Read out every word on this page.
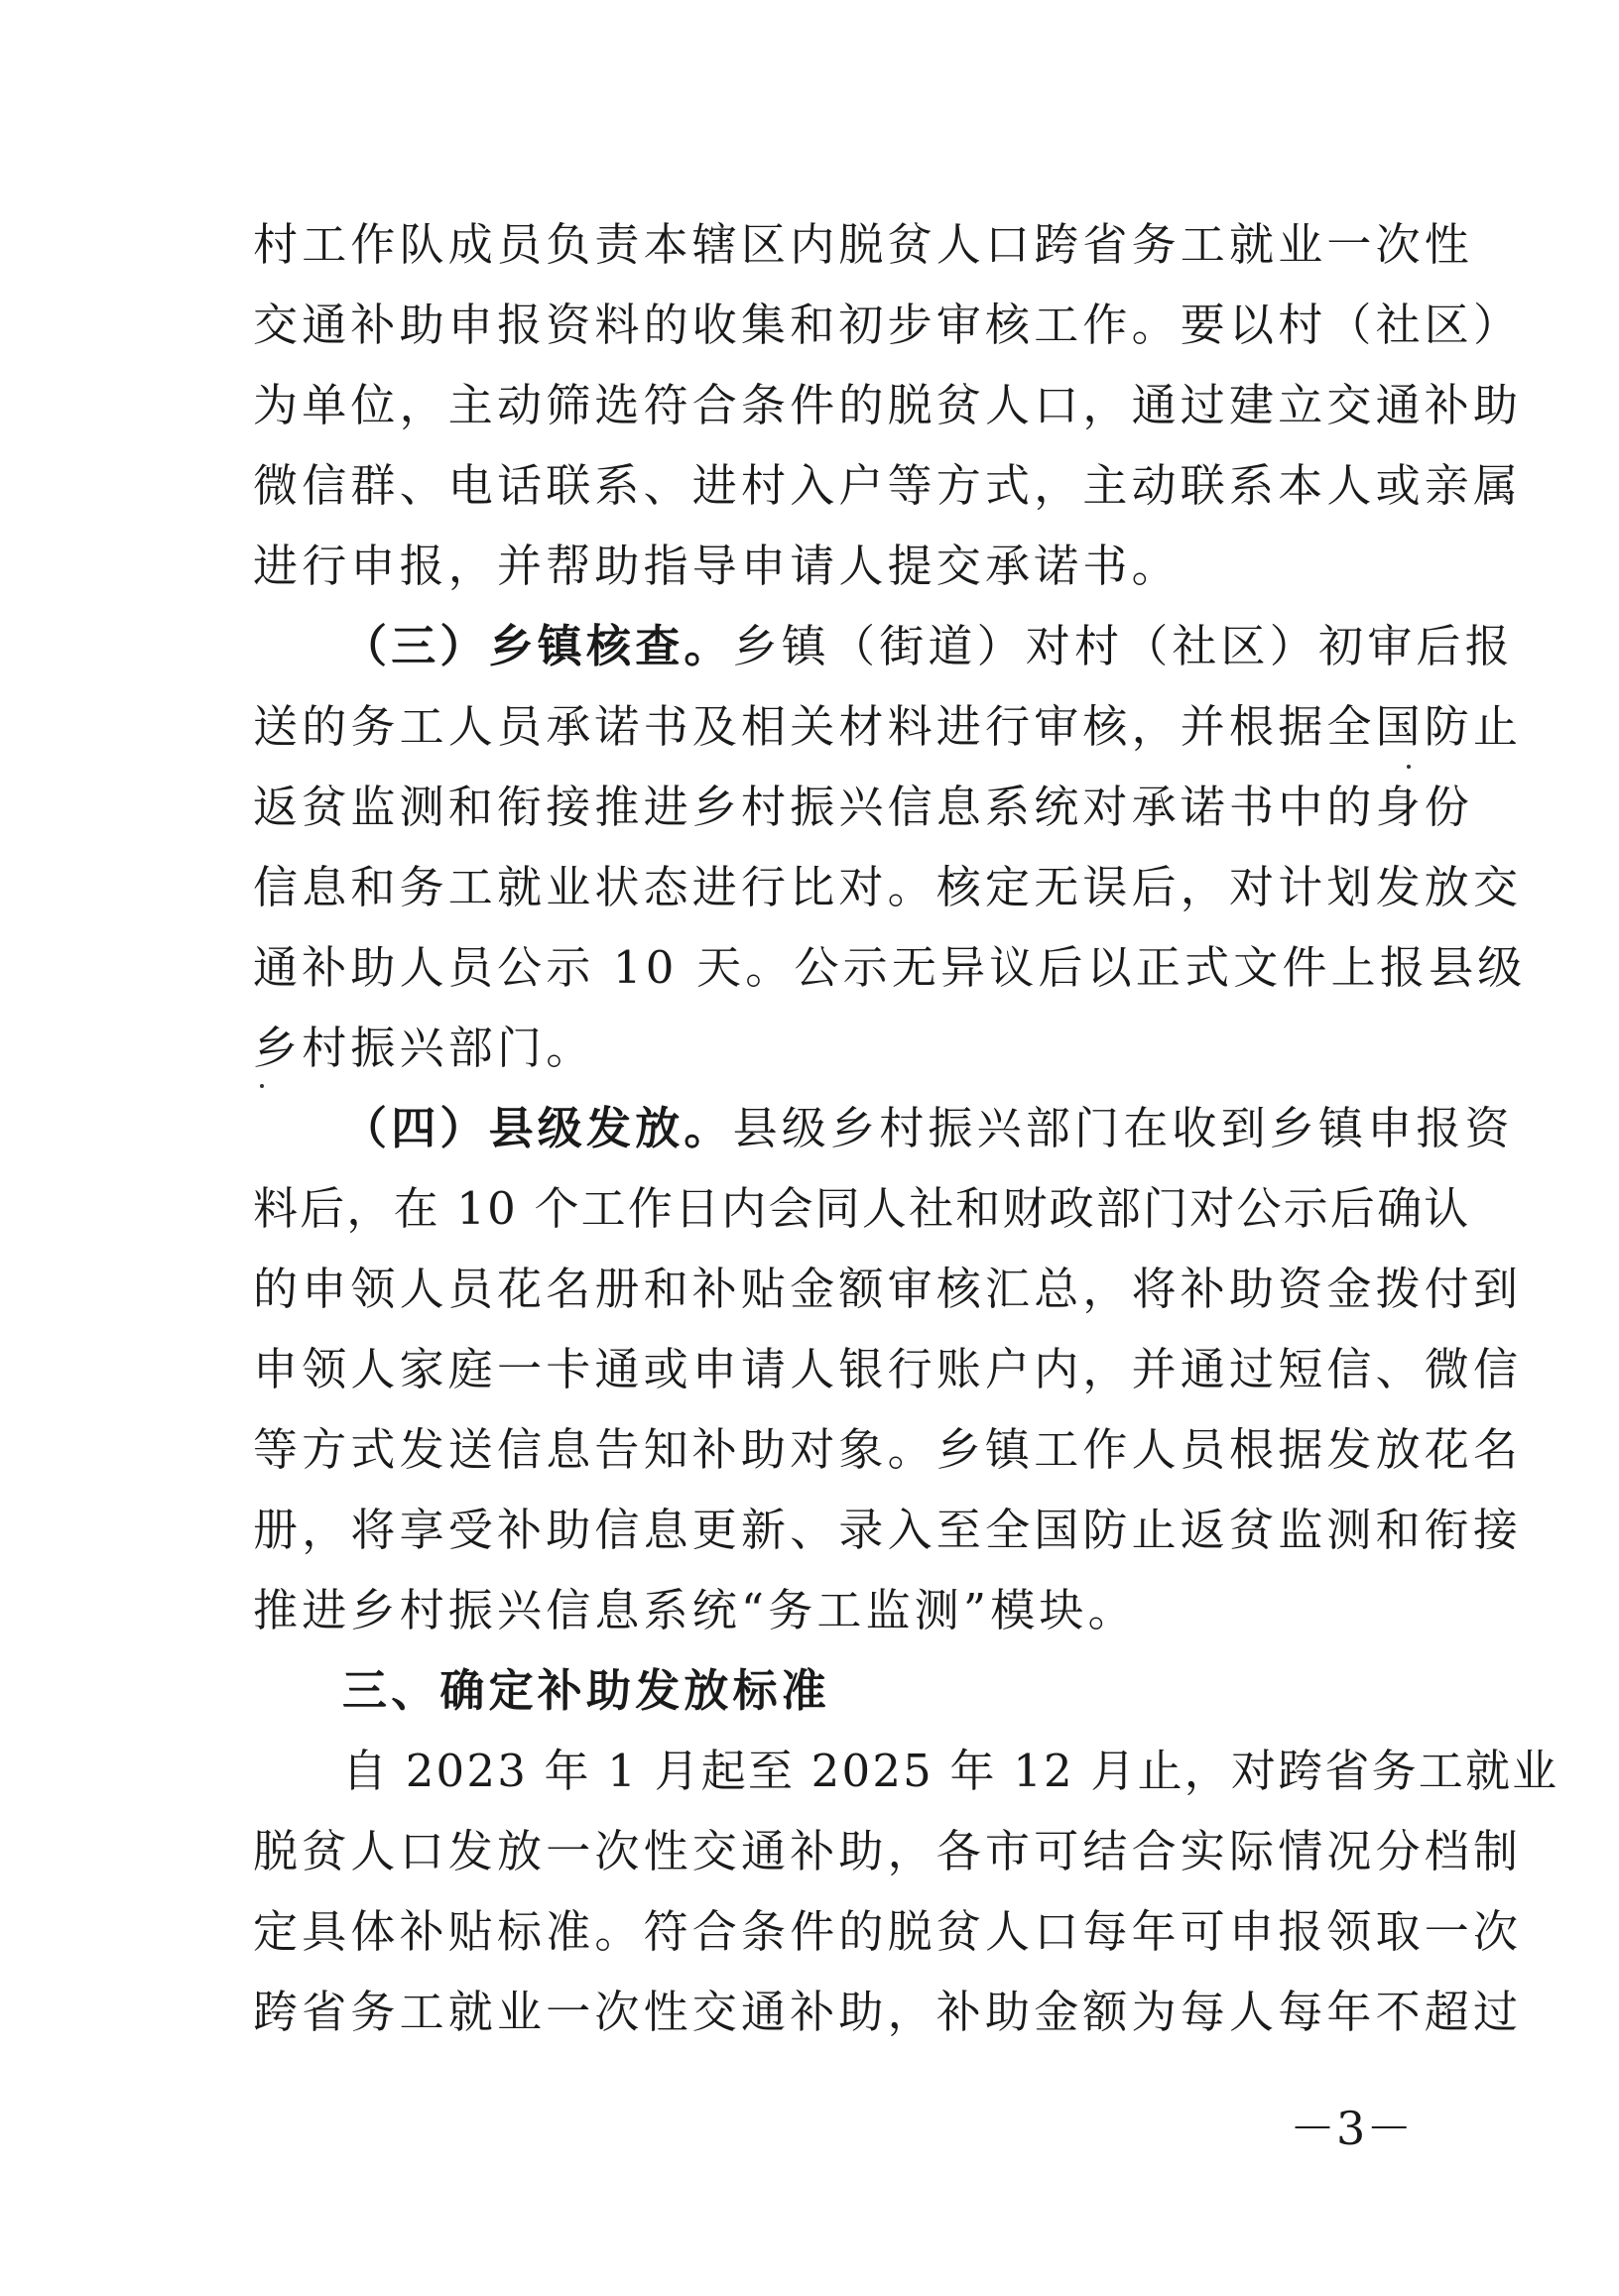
村工作队成员负责本辖区内脱贫人口跨省务工就业一次性
交通补助申报资料的收集和初步审核工作。要以村（社区）
为单位，主动筛选符合条件的脱贫人口，通过建立交通补助
微信群、电话联系、进村入户等方式，主动联系本人或亲属
进行申报，并帮助指导申请人提交承诺书。
（三）乡镇核查。乡镇（街道）对村（社区）初审后报
送的务工人员承诺书及相关材料进行审核，并根据全国防止
返贫监测和衔接推进乡村振兴信息系统对承诺书中的身份
信息和务工就业状态进行比对。核定无误后，对计划发放交
通补助人员公示 10 天。公示无异议后以正式文件上报县级
乡村振兴部门。
（四）县级发放。县级乡村振兴部门在收到乡镇申报资
料后，在 10 个工作日内会同人社和财政部门对公示后确认
的申领人员花名册和补贴金额审核汇总，将补助资金拨付到
申领人家庭一卡通或申请人银行账户内，并通过短信、微信
等方式发送信息告知补助对象。乡镇工作人员根据发放花名
册，将享受补助信息更新、录入至全国防止返贫监测和衔接
推进乡村振兴信息系统“务工监测”模块。
三、确定补助发放标准
自 2023 年 1 月起至 2025 年 12 月止，对跨省务工就业
脱贫人口发放一次性交通补助，各市可结合实际情况分档制
定具体补贴标准。符合条件的脱贫人口每年可申报领取一次
跨省务工就业一次性交通补助，补助金额为每人每年不超过
－3－
